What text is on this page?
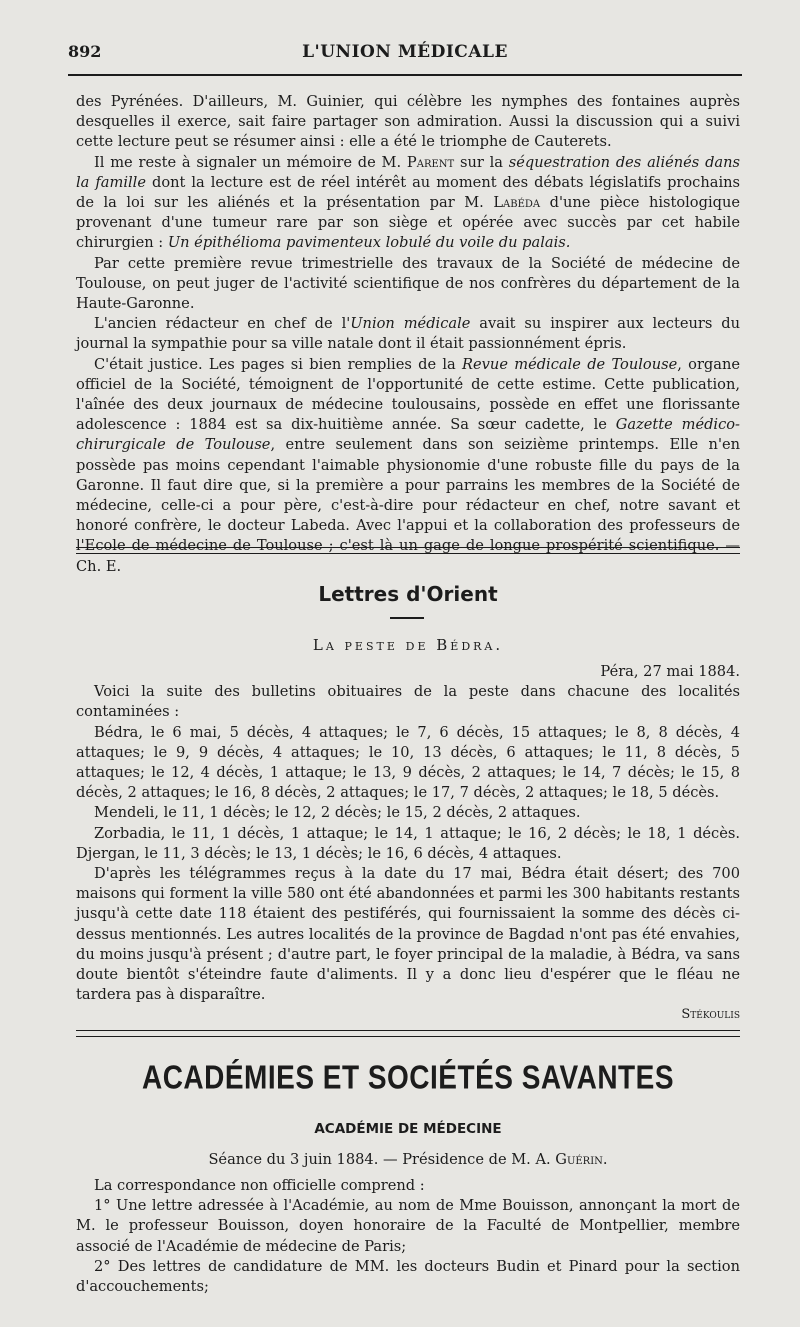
892	L'UNION MÉDICALE

des Pyrénées. D'ailleurs, M. Guinier, qui célèbre les nymphes des fontaines auprès desquelles il exerce, sait faire partager son admiration. Aussi la discussion qui a suivi cette lecture peut se résumer ainsi : elle a été le triomphe de Cauterets.

Il me reste à signaler un mémoire de M. Parent sur la séquestration des aliénés dans la famille dont la lecture est de réel intérêt au moment des débats législatifs prochains de la loi sur les aliénés et la présentation par M. Labéda d'une pièce histologique provenant d'une tumeur rare par son siège et opérée avec succès par cet habile chirurgien : Un épithélioma pavimenteux lobulé du voile du palais.

Par cette première revue trimestrielle des travaux de la Société de médecine de Toulouse, on peut juger de l'activité scientifique de nos confrères du département de la Haute-Garonne.

L'ancien rédacteur en chef de l'Union médicale avait su inspirer aux lecteurs du journal la sympathie pour sa ville natale dont il était passionnément épris.

C'était justice. Les pages si bien remplies de la Revue médicale de Toulouse, organe officiel de la Société, témoignent de l'opportunité de cette estime. Cette publication, l'aînée des deux journaux de médecine toulousains, possède en effet une florissante adolescence : 1884 est sa dix-huitième année. Sa sœur cadette, le Gazette médico-chirurgicale de Toulouse, entre seulement dans son seizième printemps. Elle n'en possède pas moins cependant l'aimable physionomie d'une robuste fille du pays de la Garonne. Il faut dire que, si la première a pour parrains les membres de la Société de médecine, celle-ci a pour père, c'est-à-dire pour rédacteur en chef, notre savant et honoré confrère, le docteur Labeda. Avec l'appui et la collaboration des professeurs de l'Ecole de médecine de Toulouse ; c'est là un gage de longue prospérité scientifique. — Ch. E.

Lettres d'Orient
La peste de Bédra.

Péra, 27 mai 1884.

Voici la suite des bulletins obituaires de la peste dans chacune des localités contaminées :

Bédra, le 6 mai, 5 décès, 4 attaques; le 7, 6 décès, 15 attaques; le 8, 8 décès, 4 attaques; le 9, 9 décès, 4 attaques; le 10, 13 décès, 6 attaques; le 11, 8 décès, 5 attaques; le 12, 4 décès, 1 attaque; le 13, 9 décès, 2 attaques; le 14, 7 décès; le 15, 8 décès, 2 attaques; le 16, 8 décès, 2 attaques; le 17, 7 décès, 2 attaques; le 18, 5 décès.

Mendeli, le 11, 1 décès; le 12, 2 décès; le 15, 2 décès, 2 attaques.

Zorbadia, le 11, 1 décès, 1 attaque; le 14, 1 attaque; le 16, 2 décès; le 18, 1 décès. Djergan, le 11, 3 décès; le 13, 1 décès; le 16, 6 décès, 4 attaques.

D'après les télégrammes reçus à la date du 17 mai, Bédra était désert; des 700 maisons qui forment la ville 580 ont été abandonnées et parmi les 300 habitants restants jusqu'à cette date 118 étaient des pestiférés, qui fournissaient la somme des décès ci-dessus mentionnés. Les autres localités de la province de Bagdad n'ont pas été envahies, du moins jusqu'à présent ; d'autre part, le foyer principal de la maladie, à Bédra, va sans doute bientôt s'éteindre faute d'aliments. Il y a donc lieu d'espérer que le fléau ne tardera pas à disparaître.

Stékoulis

ACADÉMIES ET SOCIÉTÉS SAVANTES
ACADÉMIE DE MÉDECINE
Séance du 3 juin 1884. — Présidence de M. A. Guérin.

La correspondance non officielle comprend :

1° Une lettre adressée à l'Académie, au nom de Mme Bouisson, annonçant la mort de M. le professeur Bouisson, doyen honoraire de la Faculté de Montpellier, membre associé de l'Académie de médecine de Paris;

2° Des lettres de candidature de MM. les docteurs Budin et Pinard pour la section d'accouchements;
